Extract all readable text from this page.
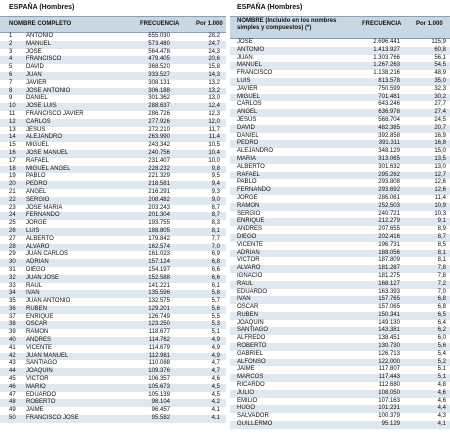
ESPAÑA (Hombres)
NOMBRE COMPLETO	FRECUENCIA	Por 1.000
1 ANTONIO	655.030	28,2
2 MANUEL	573.480	24,7
3 JOSE	564.478	24,3
4 FRANCISCO	479.405	20,6
5 DAVID	368.520	15,8
6 JUAN	333.527	14,3
7 JAVIER	308.131	13,2
8 JOSE ANTONIO	306.188	13,2
9 DANIEL	301.362	13,0
10 JOSE LUIS	288.637	12,4
11 FRANCISCO JAVIER	286.726	12,3
12 CARLOS	277.926	12,0
13 JESUS	272.210	11,7
14 ALEJANDRO	263.990	11,4
15 MIGUEL	243.342	10,5
16 JOSE MANUEL	240.756	10,4
17 RAFAEL	231.407	10,0
18 MIGUEL ANGEL	228.232	9,8
19 PABLO	221.329	9,5
20 PEDRO	218.581	9,4
21 ANGEL	216.291	9,3
22 SERGIO	208.482	9,0
23 JOSE MARIA	203.243	8,7
24 FERNANDO	201.304	8,7
25 JORGE	193.755	8,3
26 LUIS	188.805	8,1
27 ALBERTO	179.842	7,7
28 ALVARO	162.574	7,0
29 JUAN CARLOS	161.023	6,9
30 ADRIAN	157.124	6,8
31 DIEGO	154.197	6,6
32 JUAN JOSE	152.588	6,6
33 RAUL	141.221	6,1
34 IVAN	135.596	5,8
35 JUAN ANTONIO	132.575	5,7
36 RUBEN	129.201	5,6
37 ENRIQUE	126.749	5,5
38 OSCAR	123.250	5,3
39 RAMON	118.677	5,1
40 ANDRES	114.762	4,9
41 VICENTE	114.679	4,9
42 JUAN MANUEL	112.981	4,9
43 SANTIAGO	110.088	4,7
44 JOAQUIN	109.376	4,7
45 VICTOR	106.357	4,6
46 MARIO	105.673	4,5
47 EDUARDO	105.139	4,5
48 ROBERTO	98.104	4,2
49 JAIME	96.457	4,1
50 FRANCISCO JOSE	95.582	4,1
ESPAÑA (Hombres)
NOMBRE (Incluido en los nombres simples y compuestos) (*)
FRECUENCIA Por 1.000
JOSE	2.696.441	115,9
ANTONIO	1.413.927	60,8
JUAN	1.303.766	56,1
MANUEL	1.267.263	54,5
FRANCISCO	1.138.216	48,9
LUIS	813.578	35,0
JAVIER	750.599	32,3
MIGUEL	701.481	30,2
CARLOS	643.246	27,7
ANGEL	636.978	27,4
JESUS	568.704	24,5
DAVID	482.385	20,7
DANIEL	392.858	16,9
PEDRO	391.311	16,8
ALEJANDRO	348.129	15,0
MARIA	313.065	13,5
ALBERTO	301.632	13,0
RAFAEL	295.262	12,7
PABLO	293.808	12,6
FERNANDO	293.692	12,6
JORGE	286.061	11,4
RAMON	252.503	10,9
SERGIO	240.721	10,3
ENRIQUE	212.279	9,1
ANDRES	207.655	8,9
DIEGO	202.416	8,7
VICENTE	196.731	8,5
ADRIAN	188.056	8,1
VICTOR	187.809	8,1
ALVARO	181.287	7,8
IGNACIO	181.275	7,8
RAUL	168.127	7,2
EDUARDO	163.393	7,0
IVAN	157.765	6,8
OSCAR	157.065	6,8
RUBEN	150.341	6,5
JOAQUIN	149.130	6,4
SANTIAGO	143.381	6,2
ALFREDO	138.451	6,0
ROBERTO	130.730	5,6
GABRIEL	126.713	5,4
ALFONSO	122.000	5,2
JAIME	117.807	5,1
MARCOS	117.443	5,1
RICARDO	112.680	4,8
JULIO	108.050	4,6
EMILIO	107.163	4,6
HUGO	101.231	4,4
SALVADOR	100.379	4,3
GUILLERMO	95.129	4,1
